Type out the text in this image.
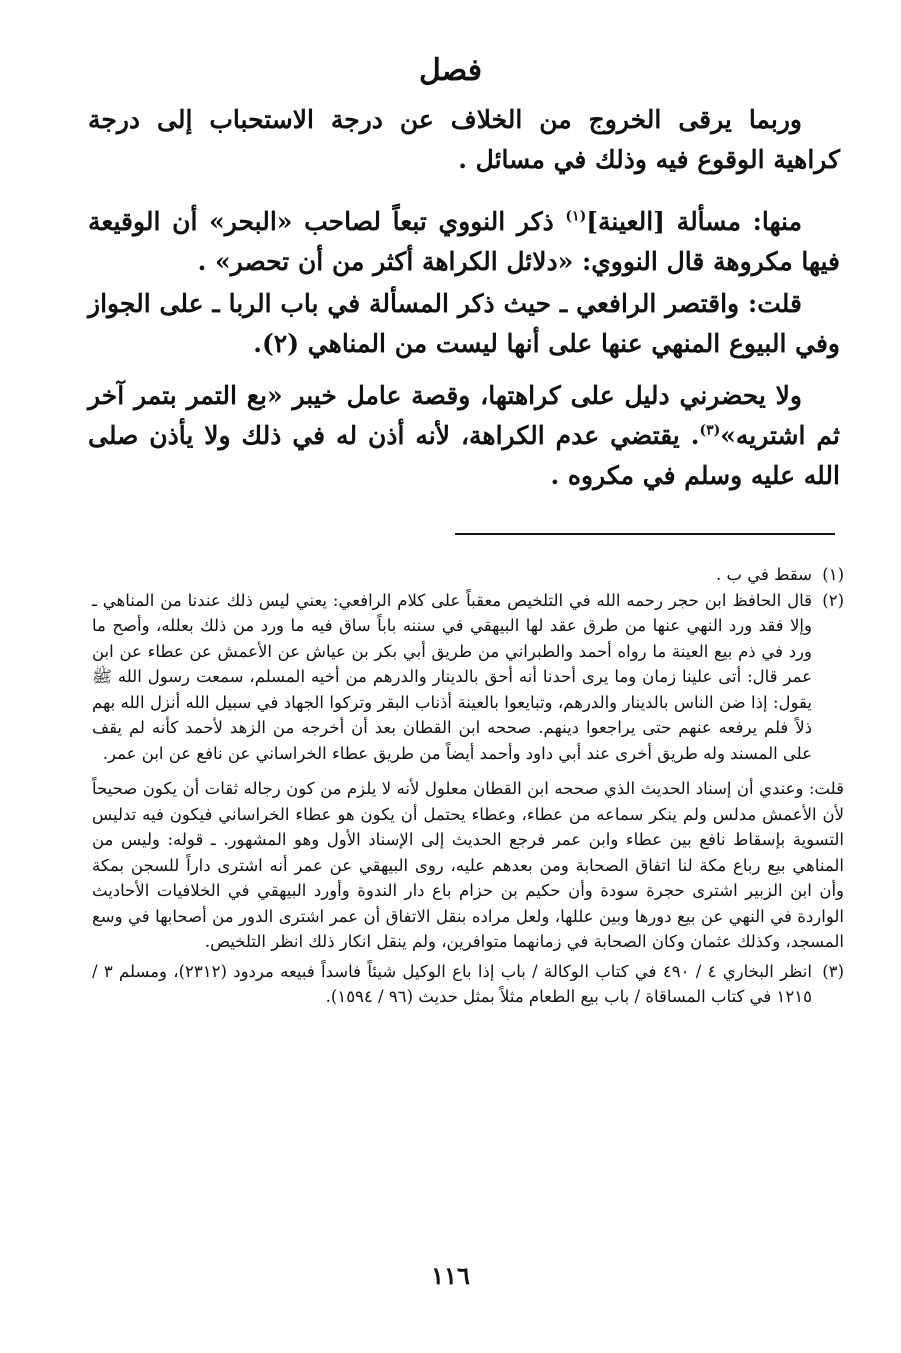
فصل

وربما يرقى الخروج من الخلاف عن درجة الاستحباب إلى درجة كراهية الوقوع فيه وذلك في مسائل .

منها: مسألة [العينة]$^{(١)}$ ذكر النووي تبعاً لصاحب «البحر» أن الوقيعة فيها مكروهة قال النووي: «دلائل الكراهة أكثر من أن تحصر» .

قلت: واقتصر الرافعي ـ حيث ذكر المسألة في باب الربا ـ على الجواز وفي البيوع المنهي عنها على أنها ليست من المناهي (٢).

ولا يحضرني دليل على كراهتها، وقصة عامل خيبر «بع التمر بتمر آخر ثم اشتريه»$^{(٣)}$. يقتضي عدم الكراهة، لأنه أذن له في ذلك ولا يأذن صلى الله عليه وسلم في مكروه .

(١)
سقط في ب .
(٢)
قال الحافظ ابن حجر رحمه الله في التلخيص معقباً على كلام الرافعي: يعني ليس ذلك عندنا من المناهي ـ وإلا فقد ورد النهي عنها من طرق عقد لها البيهقي في سننه باباً ساق فيه ما ورد من ذلك بعلله، وأصح ما ورد في ذم بيع العينة ما رواه أحمد والطبراني من طريق أبي بكر بن عياش عن الأعمش عن عطاء عن ابن عمر قال: أتى علينا زمان وما يرى أحدنا أنه أحق بالدينار والدرهم من أخيه المسلم، سمعت رسول الله ﷺ يقول: إذا ضن الناس بالدينار والدرهم، وتبايعوا بالعينة أذناب البقر وتركوا الجهاد في سبيل الله أنزل الله بهم ذلاً فلم يرفعه عنهم حتى يراجعوا دينهم. صححه ابن القطان بعد أن أخرجه من الزهد لأحمد كأنه لم يقف على المسند وله طريق أخرى عند أبي داود وأحمد أيضاً من طريق عطاء الخراساني عن نافع عن ابن عمر.

قلت: وعندي أن إسناد الحديث الذي صححه ابن القطان معلول لأنه لا يلزم من كون رجاله ثقات أن يكون صحيحاً لأن الأعمش مدلس ولم ينكر سماعه من عطاء، وعطاء يحتمل أن يكون هو عطاء الخراساني فيكون فيه تدليس التسوية بإسقاط نافع بين عطاء وابن عمر فرجع الحديث إلى الإسناد الأول وهو المشهور. ـ قوله: وليس من المناهي بيع رباع مكة لنا اتفاق الصحابة ومن بعدهم عليه، روى البيهقي عن عمر أنه اشترى داراً للسجن بمكة وأن ابن الزبير اشترى حجرة سودة وأن حكيم بن حزام باع دار الندوة وأورد البيهقي في الخلافيات الأحاديث الواردة في النهي عن بيع دورها وبين عللها، ولعل مراده بنقل الاتفاق أن عمر اشترى الدور من أصحابها في وسع المسجد، وكذلك عثمان وكان الصحابة في زمانهما متوافرين، ولم ينقل انكار ذلك انظر التلخيص.

(٣)
انظر البخاري ٤ / ٤٩٠ في كتاب الوكالة / باب إذا باع الوكيل شيئاً فاسداً فبيعه مردود (٢٣١٢)، ومسلم ٣ / ١٢١٥ في كتاب المساقاة / باب بيع الطعام مثلاً بمثل حديث (٩٦ / ١٥٩٤).
١١٦
